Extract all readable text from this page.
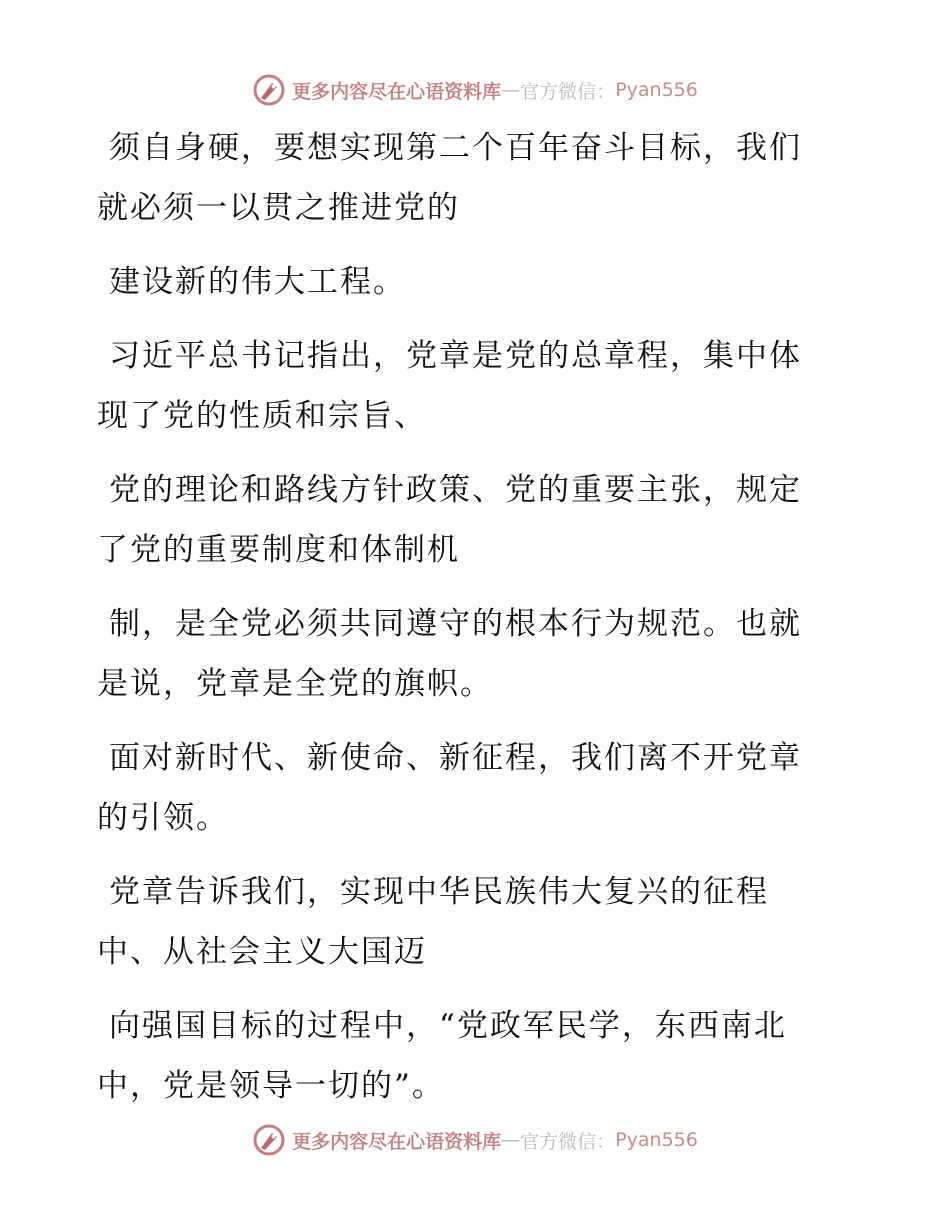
更多内容尽在心语资料库 — 官方微信： Pyan556

须自身硬，要想实现第二个百年奋斗目标，我们
就必须一以贯之推进党的

建设新的伟大工程。

习近平总书记指出，党章是党的总章程，集中体
现了党的性质和宗旨、

党的理论和路线方针政策、党的重要主张，规定
了党的重要制度和体制机

制，是全党必须共同遵守的根本行为规范。也就
是说，党章是全党的旗帜。

面对新时代、新使命、新征程，我们离不开党章
的引领。

党章告诉我们，实现中华民族伟大复兴的征程
中、从社会主义大国迈

向强国目标的过程中，“党政军民学，东西南北
中，党是领导一切的”。

更多内容尽在心语资料库 — 官方微信： Pyan556
